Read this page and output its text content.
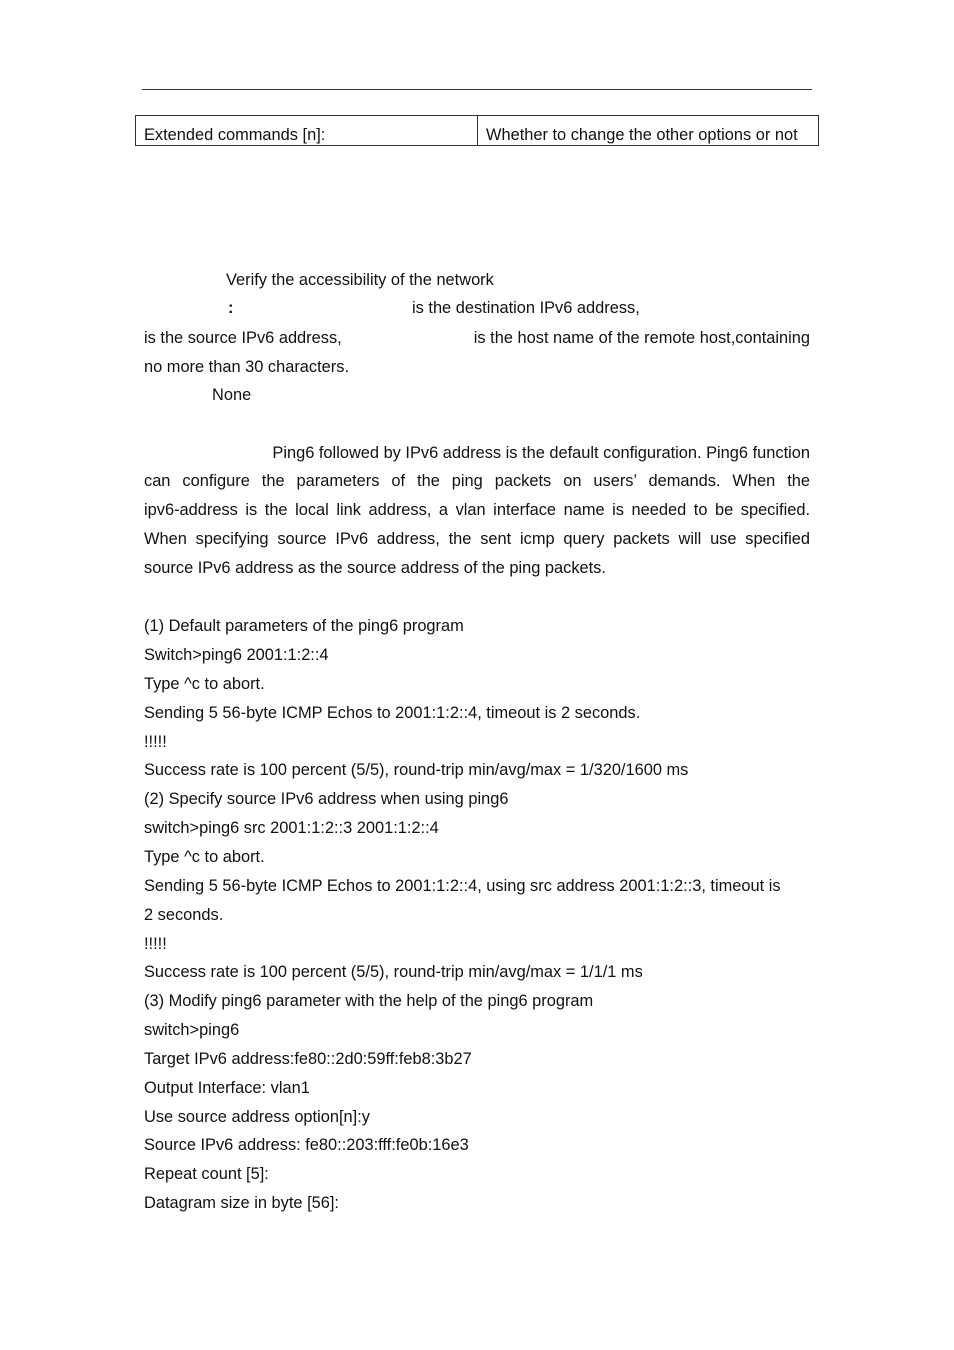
Extended commands [n]:	Whether to change the other options or not
Verify the accessibility of the network
:	is the destination IPv6 address,
is the source IPv6 address,	is the host name of the remote host,containing
no more than 30 characters.
None
Ping6 followed by IPv6 address is the default configuration. Ping6 function
can configure the parameters of the ping packets on users’ demands. When the
ipv6-address is the local link address, a vlan interface name is needed to be specified.
When specifying source IPv6 address, the sent icmp query packets will use specified
source IPv6 address as the source address of the ping packets.
(1) Default parameters of the ping6 program
Switch>ping6 2001:1:2::4
Type ^c to abort.
Sending 5 56-byte ICMP Echos to 2001:1:2::4, timeout is 2 seconds.
!!!!!
Success rate is 100 percent (5/5), round-trip min/avg/max = 1/320/1600 ms
(2) Specify source IPv6 address when using ping6
switch>ping6 src 2001:1:2::3 2001:1:2::4
Type ^c to abort.
Sending 5 56-byte ICMP Echos to 2001:1:2::4, using src address 2001:1:2::3, timeout is
2 seconds.
!!!!!
Success rate is 100 percent (5/5), round-trip min/avg/max = 1/1/1 ms
(3) Modify ping6 parameter with the help of the ping6 program
switch>ping6
Target IPv6 address:fe80::2d0:59ff:feb8:3b27
Output Interface: vlan1
Use source address option[n]:y
Source IPv6 address: fe80::203:fff:fe0b:16e3
Repeat count [5]:
Datagram size in byte [56]:
